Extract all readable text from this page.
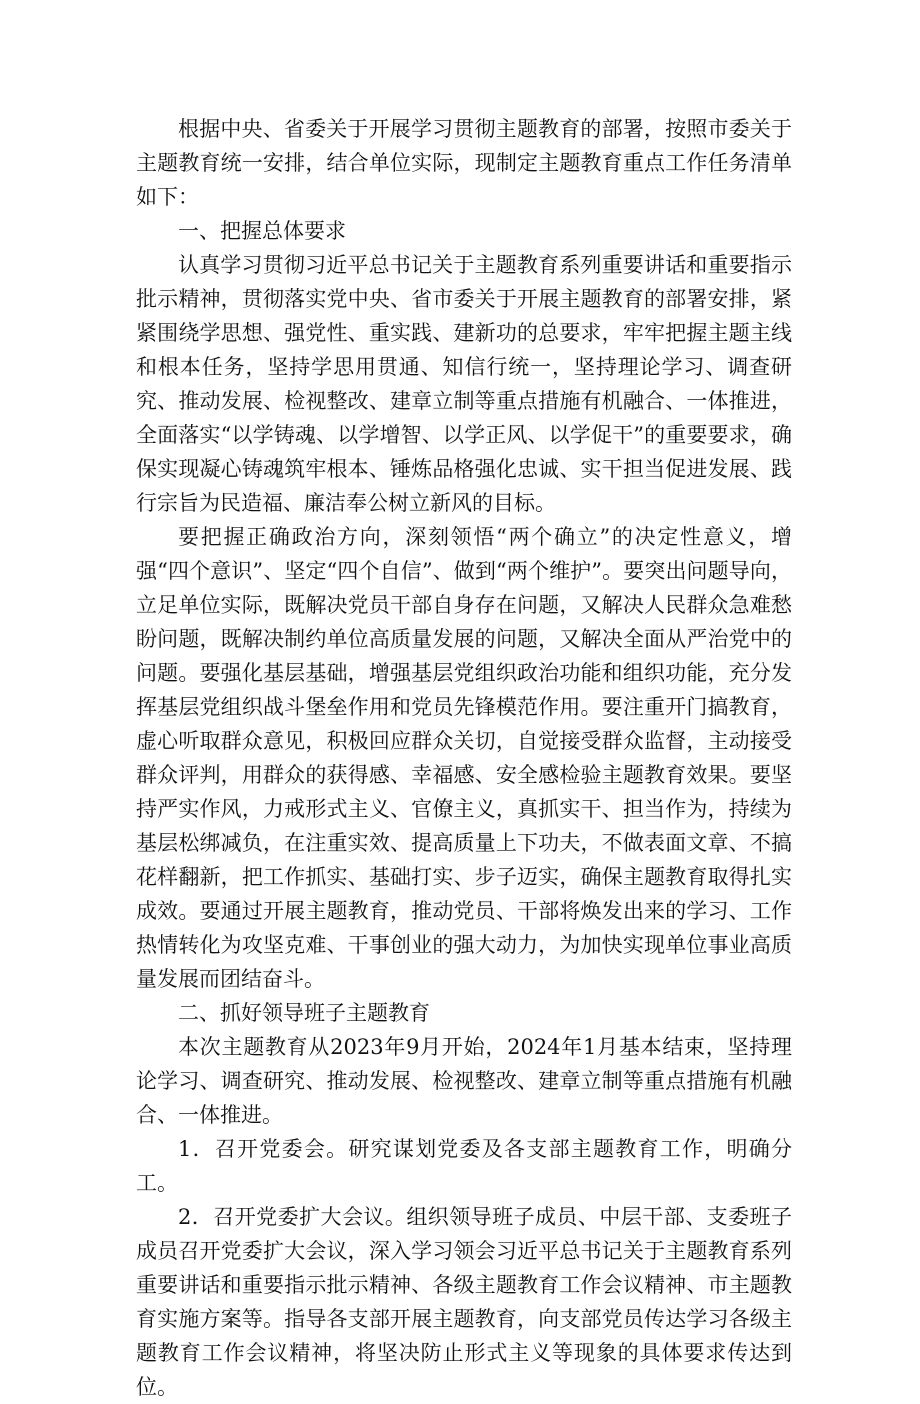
根据中央、省委关于开展学习贯彻主题教育的部署，按照市委关于主题教育统一安排，结合单位实际，现制定主题教育重点工作任务清单如下：

一、把握总体要求

认真学习贯彻习近平总书记关于主题教育系列重要讲话和重要指示批示精神，贯彻落实党中央、省市委关于开展主题教育的部署安排，紧紧围绕学思想、强党性、重实践、建新功的总要求，牢牢把握主题主线和根本任务，坚持学思用贯通、知信行统一，坚持理论学习、调查研究、推动发展、检视整改、建章立制等重点措施有机融合、一体推进，全面落实“以学铸魂、以学增智、以学正风、以学促干”的重要要求，确保实现凝心铸魂筑牢根本、锤炼品格强化忠诚、实干担当促进发展、践行宗旨为民造福、廉洁奉公树立新风的目标。

要把握正确政治方向，深刻领悟“两个确立”的决定性意义，增强“四个意识”、坚定“四个自信”、做到“两个维护”。要突出问题导向，立足单位实际，既解决党员干部自身存在问题，又解决人民群众急难愁盼问题，既解决制约单位高质量发展的问题，又解决全面从严治党中的问题。要强化基层基础，增强基层党组织政治功能和组织功能，充分发挥基层党组织战斗堡垒作用和党员先锋模范作用。要注重开门搞教育，虚心听取群众意见，积极回应群众关切，自觉接受群众监督，主动接受群众评判，用群众的获得感、幸福感、安全感检验主题教育效果。要坚持严实作风，力戒形式主义、官僚主义，真抓实干、担当作为，持续为基层松绑减负，在注重实效、提高质量上下功夫，不做表面文章、不搞花样翻新，把工作抓实、基础打实、步子迈实，确保主题教育取得扎实成效。要通过开展主题教育，推动党员、干部将焕发出来的学习、工作热情转化为攻坚克难、干事创业的强大动力，为加快实现单位事业高质量发展而团结奋斗。

二、抓好领导班子主题教育

本次主题教育从2023年9月开始，2024年1月基本结束，坚持理论学习、调查研究、推动发展、检视整改、建章立制等重点措施有机融合、一体推进。

1．召开党委会。研究谋划党委及各支部主题教育工作，明确分工。

2．召开党委扩大会议。组织领导班子成员、中层干部、支委班子成员召开党委扩大会议，深入学习领会习近平总书记关于主题教育系列重要讲话和重要指示批示精神、各级主题教育工作会议精神、市主题教育实施方案等。指导各支部开展主题教育，向支部党员传达学习各级主题教育工作会议精神，将坚决防止形式主义等现象的具体要求传达到位。
